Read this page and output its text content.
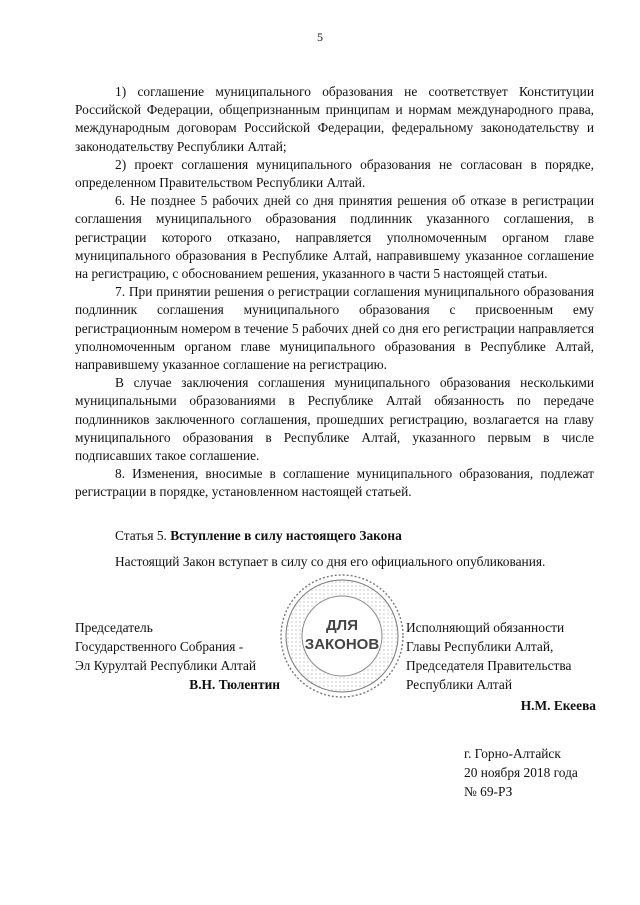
5

1) соглашение муниципального образования не соответствует Конституции Российской Федерации, общепризнанным принципам и нормам международного права, международным договорам Российской Федерации, федеральному законодательству и законодательству Республики Алтай;

2) проект соглашения муниципального образования не согласован в порядке, определенном Правительством Республики Алтай.

6. Не позднее 5 рабочих дней со дня принятия решения об отказе в регистрации соглашения муниципального образования подлинник указанного соглашения, в регистрации которого отказано, направляется уполномоченным органом главе муниципального образования в Республике Алтай, направившему указанное соглашение на регистрацию, с обоснованием решения, указанного в части 5 настоящей статьи.

7. При принятии решения о регистрации соглашения муниципального образования подлинник соглашения муниципального образования с присвоенным ему регистрационным номером в течение 5 рабочих дней со дня его регистрации направляется уполномоченным органом главе муниципального образования в Республике Алтай, направившему указанное соглашение на регистрацию.

В случае заключения соглашения муниципального образования несколькими муниципальными образованиями в Республике Алтай обязанность по передаче подлинников заключенного соглашения, прошедших регистрацию, возлагается на главу муниципального образования в Республике Алтай, указанного первым в числе подписавших такое соглашение.

8. Изменения, вносимые в соглашение муниципального образования, подлежат регистрации в порядке, установленном настоящей статьей.

Статья 5. Вступление в силу настоящего Закона

Настоящий Закон вступает в силу со дня его официального опубликования.

Председатель
Государственного Собрания -
Эл Курултай Республики Алтай
В.Н. Тюлентин
ДЛЯ
ЗАКОНОВ
Исполняющий обязанности
Главы Республики Алтай,
Председателя Правительства
Республики Алтай
Н.М. Екеева
г. Горно-Алтайск
20 ноября 2018 года
№ 69-РЗ
